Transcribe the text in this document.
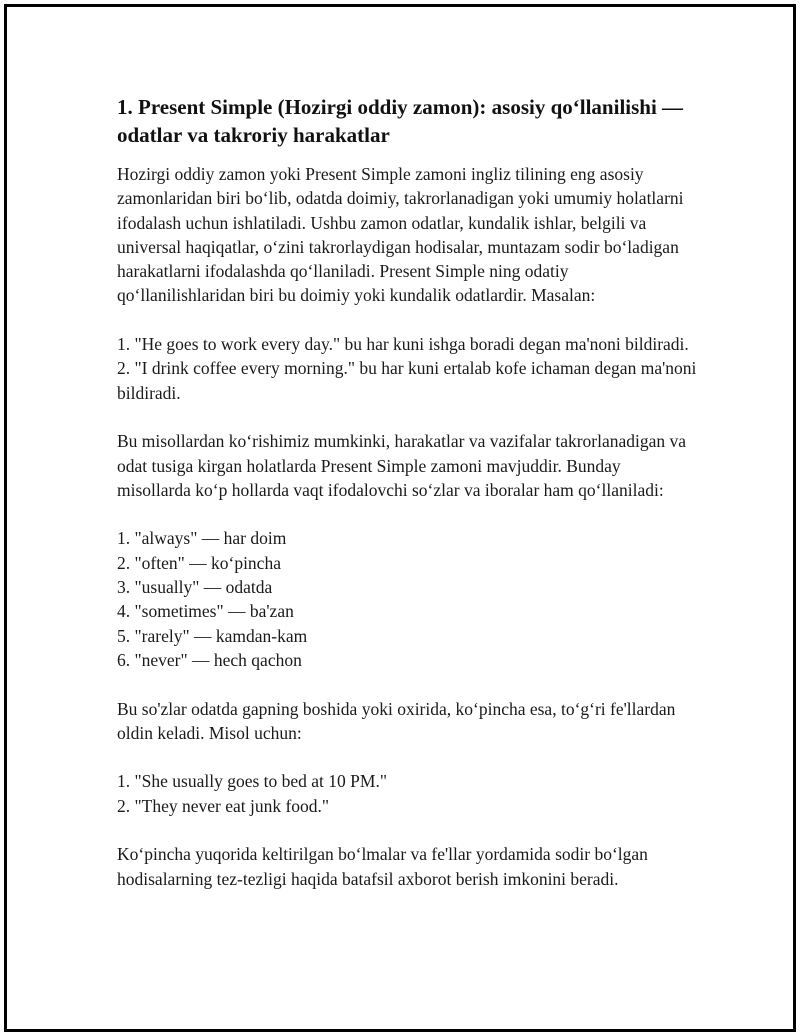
1. Present Simple (Hozirgi oddiy zamon): asosiy qo‘llanilishi — odatlar va takroriy harakatlar

Hozirgi oddiy zamon yoki Present Simple zamoni ingliz tilining eng asosiy zamonlaridan biri bo‘lib, odatda doimiy, takrorlanadigan yoki umumiy holatlarni ifodalash uchun ishlatiladi. Ushbu zamon odatlar, kundalik ishlar, belgili va universal haqiqatlar, o‘zini takrorlaydigan hodisalar, muntazam sodir bo‘ladigan harakatlarni ifodalashda qo‘llaniladi. Present Simple ning odatiy qo‘llanilishlaridan biri bu doimiy yoki kundalik odatlardir. Masalan:

1. "He goes to work every day." bu har kuni ishga boradi degan ma'noni bildiradi.
2. "I drink coffee every morning." bu har kuni ertalab kofe ichaman degan ma'noni bildiradi.

Bu misollardan ko‘rishimiz mumkinki, harakatlar va vazifalar takrorlanadigan va odat tusiga kirgan holatlarda Present Simple zamoni mavjuddir. Bunday misollarda ko‘p hollarda vaqt ifodalovchi so‘zlar va iboralar ham qo‘llaniladi:

1. "always" — har doim
2. "often" — ko‘pincha
3. "usually" — odatda
4. "sometimes" — ba'zan
5. "rarely" — kamdan-kam
6. "never" — hech qachon

Bu so'zlar odatda gapning boshida yoki oxirida, ko‘pincha esa, to‘g‘ri fe'llardan oldin keladi. Misol uchun:

1. "She usually goes to bed at 10 PM."
2. "They never eat junk food."

Ko‘pincha yuqorida keltirilgan bo‘lmalar va fe'llar yordamida sodir bo‘lgan hodisalarning tez-tezligi haqida batafsil axborot berish imkonini beradi.
